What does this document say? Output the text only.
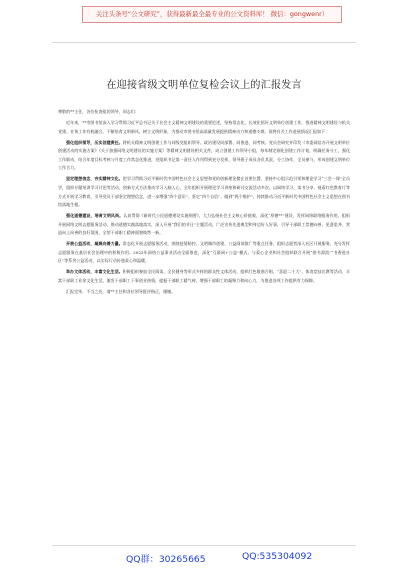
关注头条号“公文研究”，获得最新最全最专业的公文资料库！ 微信：gongwenr）
在迎接省级文明单位复检会议上的汇报发言

尊敬的**主任，各位检查组的领导，同志们：

近年来，**市图书馆深入学习贯彻习近平总书记关于社会主义精神文明建设的重要论述，坚持常态化、长效化抓好文明单位创建工作，推进精神文明建设与机关党建、业务工作有机融合，不断培育文明新风、树立文明形象，为推动市图书馆高质量发展提供精神动力和道德支撑。现将有关工作进展情况汇报如下：

强化组织领导，压实创建责任。将机关精神文明创建工作与同级党组织领导、政治建设同部署、同推进、同考核。党员会研究并印发《市委网信办开展文明单位创建活动的实施方案》《关于加强网络文明建设的实施方案》等精神文明建设相关文件，成立创建工作领导小组，每年制定细化创建工作计划，明确任务分工，强化工作联动，结合年度目标考核与月度工作常态化推进，党组织书记第一责任人作用得到充分发挥，领导班子成员各负其责，分工协作，全员参与，形成创建文明单位工作合力。

坚定理想信念，夯实精神文化。把学习贯彻习近平新时代中国特色社会主义思想和党的创新理论摆在首要位置，坚持中心组示范引领和理论学习“三会一课”全员学，组织专题培训学习讨论等活动，创新方式方法推动学习入脑入心，全年组织开展理论学习讲座和研讨交流活动多次，以网络学习、读书分享、观看红色教育片等方式开展学习教育，引导党员干部坚定理想信念，进一步增强“四个意识”、坚定“四个自信”、做到“两个维护”，持续推动习近平新时代中国特色社会主义思想在图书馆落地生根。

强化道德建设，培育文明风尚。认真贯彻《新时代公民道德建设实施纲要》，大力弘扬社会主义核心价值观，深化“厚德**”建设，发挥网络联络服务作用，组织开展网络文明志愿服务活动，推动道德实践落地落实，深入开展“我们的节日”主题活动，广泛宣传先进典型和身边好人好事，引导干部职工崇德向善、见贤思齐，营造向上向善的良好氛围，全馆干部职工精神面貌焕然一新。

开展公益活动，凝聚向善力量。常态化开展志愿服务活动，围绕疫情防控、文明城市创建、公益阅读推广等重点任务，组织志愿者深入社区开展服务，充分发挥志愿服务在基层社会治理中的积极作用。2022年网络公益事业活动全面推进，深化“互联网+公益”模式，与爱心企业和社会组织联合开展“图书漂流”“书香进社区”等系列公益活动，以实际行动传递爱心和温暖。

举办文体活动，丰富文化生活。积极组织参加全民阅读、全民健身等形式多样的群众性文体活动，组织红色歌曲合唱、“喜迎二十大”、体育竞技比赛等活动，丰富干部职工业余文化生活，激发干部职工干事创业热情，提振干部职工精气神，增强干部职工的凝聚力和向心力，为推进各项工作提供有力保障。

汇报完毕，不当之处，请**主任和各位领导批评指正，谢谢。

QQ群：30265665	QQ:535304092
